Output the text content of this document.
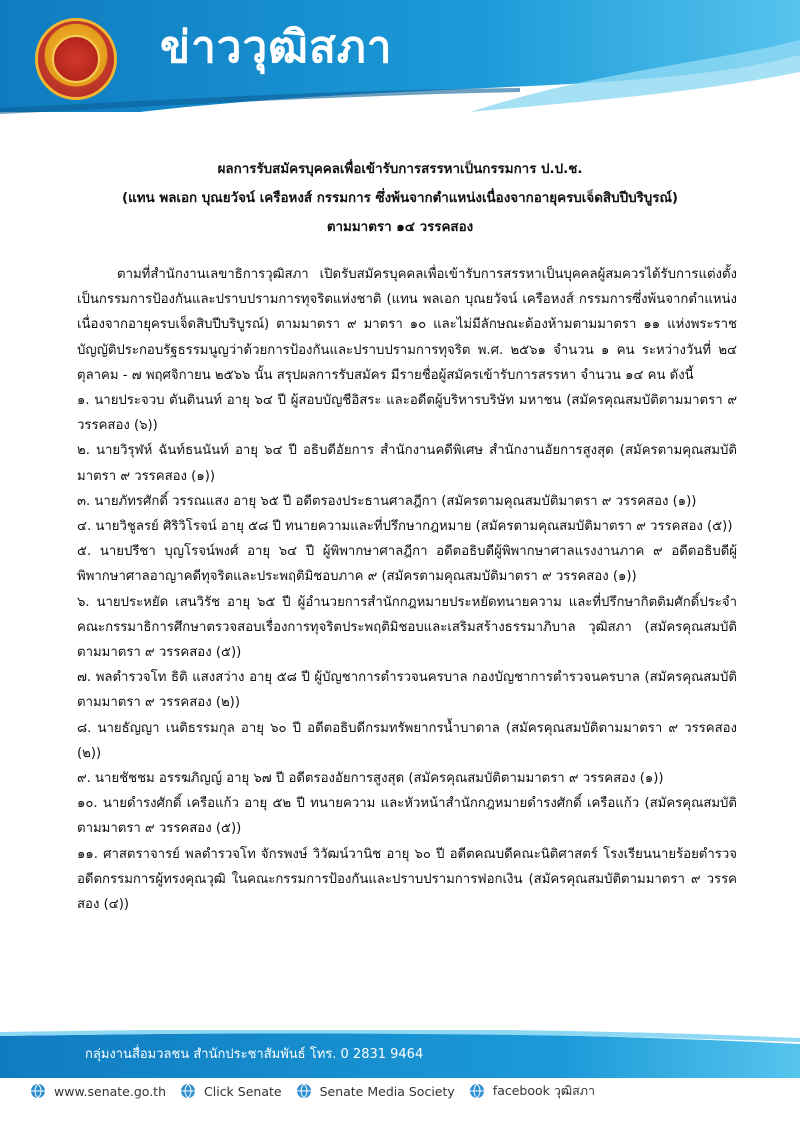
ข่าววุฒิสภา

ผลการรับสมัครบุคคลเพื่อเข้ารับการสรรหาเป็นกรรมการ ป.ป.ช.

(แทน พลเอก บุณยวัจน์ เครือหงส์ กรรมการ ซึ่งพ้นจากตำแหน่งเนื่องจากอายุครบเจ็ดสิบปีบริบูรณ์)

ตามมาตรา ๑๔ วรรคสอง

ตามที่สำนักงานเลขาธิการวุฒิสภา เปิดรับสมัครบุคคลเพื่อเข้ารับการสรรหาเป็นบุคคลผู้สมควรได้รับการแต่งตั้งเป็นกรรมการป้องกันและปราบปรามการทุจริตแห่งชาติ (แทน พลเอก บุณยวัจน์ เครือหงส์ กรรมการซึ่งพ้นจากตำแหน่งเนื่องจากอายุครบเจ็ดสิบปีบริบูรณ์) ตามมาตรา ๙ มาตรา ๑๐ และไม่มีลักษณะต้องห้ามตามมาตรา ๑๑ แห่งพระราชบัญญัติประกอบรัฐธรรมนูญว่าด้วยการป้องกันและปราบปรามการทุจริต พ.ศ. ๒๕๖๑ จำนวน ๑ คน ระหว่างวันที่ ๒๔ ตุลาคม - ๗ พฤศจิกายน ๒๕๖๖ นั้น สรุปผลการรับสมัคร มีรายชื่อผู้สมัครเข้ารับการสรรหา จำนวน ๑๔ คน ดังนี้

๑. นายประจวบ ตันตินนท์ อายุ ๖๔ ปี ผู้สอบบัญชีอิสระ และอดีตผู้บริหารบริษัท มหาชน (สมัครคุณสมบัติตามมาตรา ๙ วรรคสอง (๖))

๒. นายวิรุฬห์ ฉันท์ธนนันท์ อายุ ๖๔ ปี อธิบดีอัยการ สำนักงานคดีพิเศษ สำนักงานอัยการสูงสุด (สมัครตามคุณสมบัติมาตรา ๙ วรรคสอง (๑))

๓. นายภัทรศักดิ์ วรรณแสง อายุ ๖๕ ปี อดีตรองประธานศาลฎีกา (สมัครตามคุณสมบัติมาตรา ๙ วรรคสอง (๑))

๔. นายวิชูลรย์ ศิริวิโรจน์ อายุ ๕๘ ปี ทนายความและที่ปรึกษากฎหมาย (สมัครตามคุณสมบัติมาตรา ๙ วรรคสอง (๕))

๕. นายปรีชา บุญโรจน์พงศ์ อายุ ๖๔ ปี ผู้พิพากษาศาลฎีกา อดีตอธิบดีผู้พิพากษาศาลแรงงานภาค ๙ อดีตอธิบดีผู้พิพากษาศาลอาญาคดีทุจริตและประพฤติมิชอบภาค ๙ (สมัครตามคุณสมบัติมาตรา ๙ วรรคสอง (๑))

๖. นายประหยัด เสนวิรัช อายุ ๖๕ ปี ผู้อำนวยการสำนักกฎหมายประหยัดทนายความ และที่ปรึกษากิตติมศักดิ์ประจำคณะกรรมาธิการศึกษาตรวจสอบเรื่องการทุจริตประพฤติมิชอบและเสริมสร้างธรรมาภิบาล วุฒิสภา (สมัครคุณสมบัติตามมาตรา ๙ วรรคสอง (๕))

๗. พลตำรวจโท ธิติ แสงสว่าง อายุ ๕๘ ปี ผู้บัญชาการตำรวจนครบาล กองบัญชาการตำรวจนครบาล (สมัครคุณสมบัติตามมาตรา ๙ วรรคสอง (๒))

๘. นายธัญญา เนติธรรมกุล อายุ ๖๐ ปี อดีตอธิบดีกรมทรัพยากรน้ำบาดาล (สมัครคุณสมบัติตามมาตรา ๙ วรรคสอง (๒))

๙. นายชัชชม อรรฆภิญญ์ อายุ ๖๗ ปี อดีตรองอัยการสูงสุด (สมัครคุณสมบัติตามมาตรา ๙ วรรคสอง (๑))

๑๐. นายดำรงศักดิ์ เครือแก้ว อายุ ๕๒ ปี ทนายความ และหัวหน้าสำนักกฎหมายดำรงศักดิ์ เครือแก้ว (สมัครคุณสมบัติตามมาตรา ๙ วรรคสอง (๕))

๑๑. ศาสตราจารย์ พลตำรวจโท จักรพงษ์ วิวัฒน์วานิช อายุ ๖๐ ปี อดีตคณบดีคณะนิติศาสตร์ โรงเรียนนายร้อยตำรวจ อดีตกรรมการผู้ทรงคุณวุฒิ ในคณะกรรมการป้องกันและปราบปรามการฟอกเงิน (สมัครคุณสมบัติตามมาตรา ๙ วรรคสอง (๔))

กลุ่มงานสื่อมวลชน สำนักประชาสัมพันธ์ โทร. 0 2831 9464
www.senate.go.th	Click Senate	Senate Media Society	facebook วุฒิสภา
